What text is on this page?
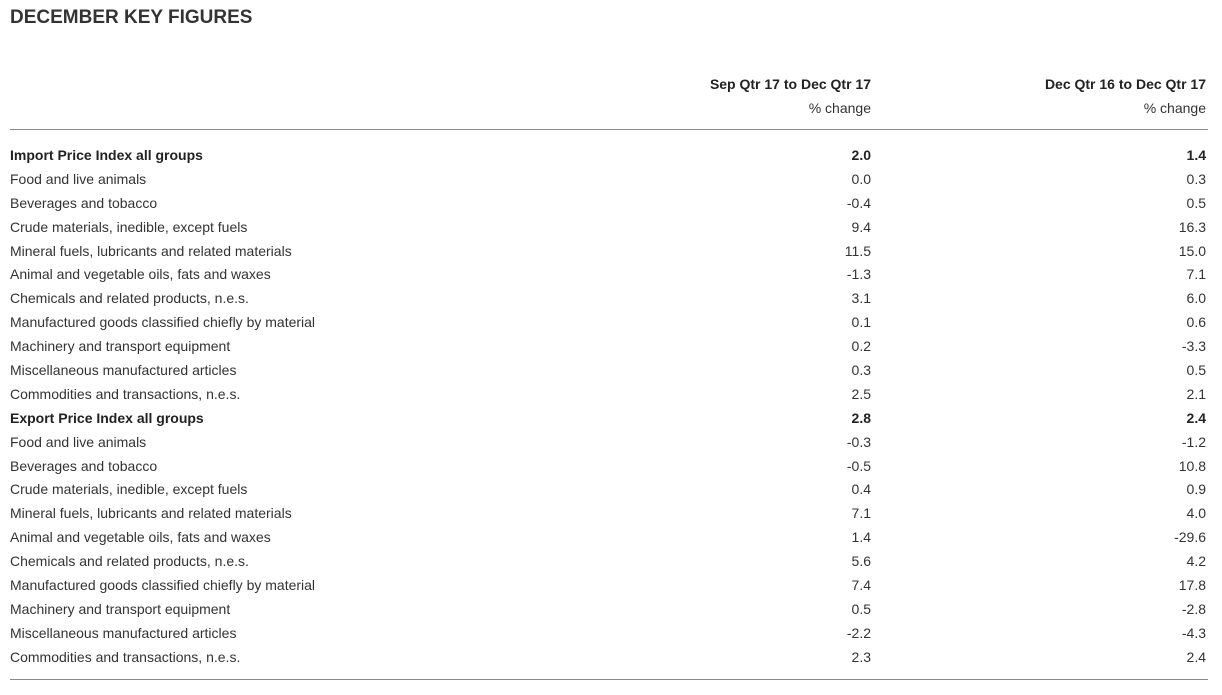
DECEMBER KEY FIGURES
Sep Qtr 17 to Dec Qtr 17
% change
Dec Qtr 16 to Dec Qtr 17
% change
Import Price Index all groups	2.0	1.4
Food and live animals	0.0	0.3
Beverages and tobacco	-0.4	0.5
Crude materials, inedible, except fuels	9.4	16.3
Mineral fuels, lubricants and related materials	11.5	15.0
Animal and vegetable oils, fats and waxes	-1.3	7.1
Chemicals and related products, n.e.s.	3.1	6.0
Manufactured goods classified chiefly by material	0.1	0.6
Machinery and transport equipment	0.2	-3.3
Miscellaneous manufactured articles	0.3	0.5
Commodities and transactions, n.e.s.	2.5	2.1
Export Price Index all groups	2.8	2.4
Food and live animals	-0.3	-1.2
Beverages and tobacco	-0.5	10.8
Crude materials, inedible, except fuels	0.4	0.9
Mineral fuels, lubricants and related materials	7.1	4.0
Animal and vegetable oils, fats and waxes	1.4	-29.6
Chemicals and related products, n.e.s.	5.6	4.2
Manufactured goods classified chiefly by material	7.4	17.8
Machinery and transport equipment	0.5	-2.8
Miscellaneous manufactured articles	-2.2	-4.3
Commodities and transactions, n.e.s.	2.3	2.4
